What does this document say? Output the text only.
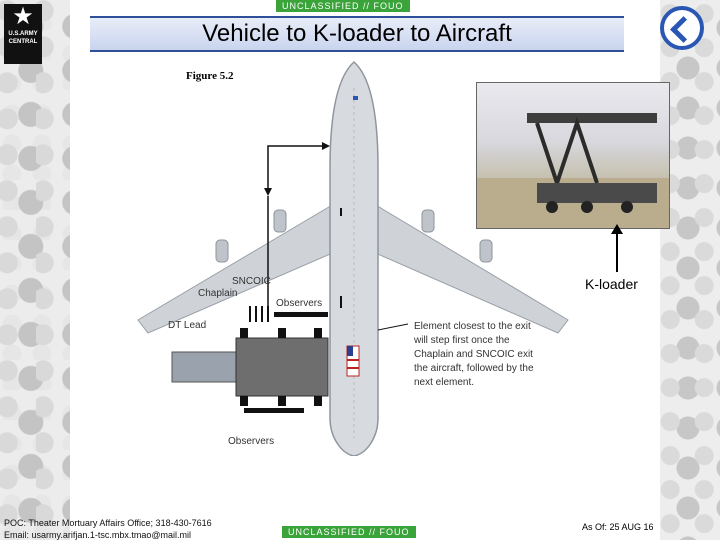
UNCLASSIFIED // FOUO
★
U.S.ARMY
CENTRAL	Vehicle to K-loader to Aircraft
Figure 5.2
SNCOIC
Chaplain
Observers
DT Lead
Observers
Element closest to the exit will step first once the Chaplain and SNCOIC exit the aircraft, followed by the next element.
K-loader
POC: Theater Mortuary Affairs Office; 318-430-7616
Email: usarmy.arifjan.1-tsc.mbx.tmao@mail.mil	UNCLASSIFIED // FOUO	As Of: 25 AUG 16
